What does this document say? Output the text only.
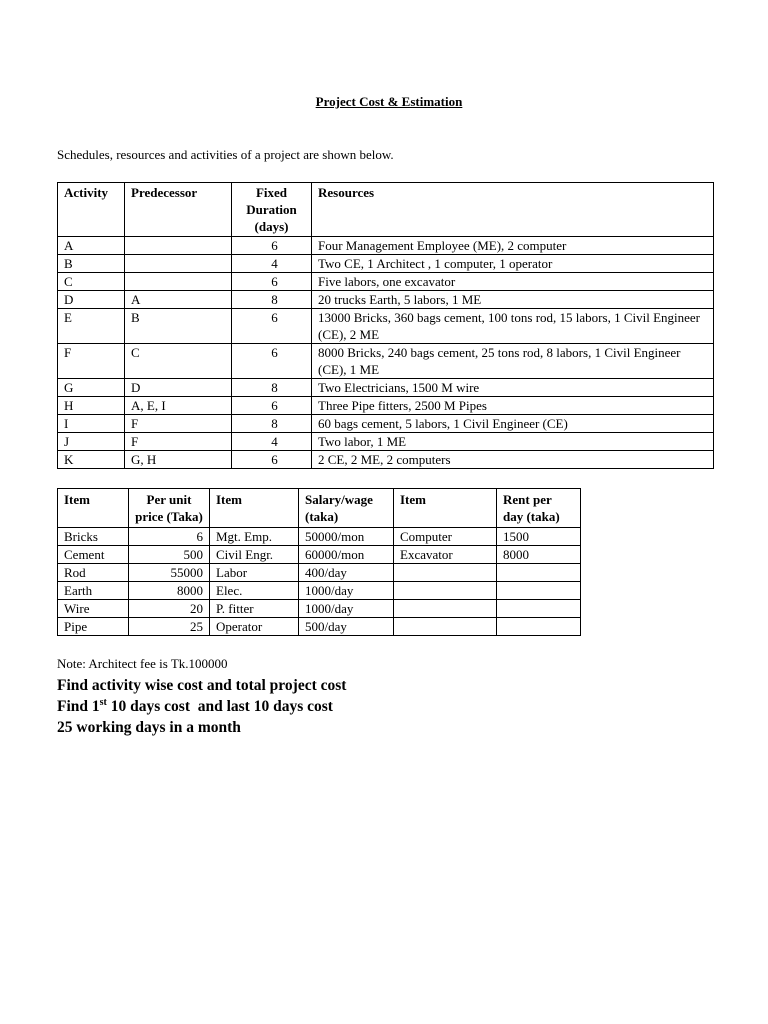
Project Cost & Estimation
Schedules, resources and activities of a project are shown below.
Activity	Predecessor	Fixed Duration (days)	Resources
A		6	Four Management Employee (ME), 2 computer
B		4	Two CE, 1 Architect , 1 computer, 1 operator
C		6	Five labors, one excavator
D	A	8	20 trucks Earth, 5 labors, 1 ME
E	B	6	13000 Bricks, 360 bags cement, 100 tons rod, 15 labors, 1 Civil Engineer (CE), 2 ME
F	C	6	8000 Bricks, 240 bags cement, 25 tons rod, 8 labors, 1 Civil Engineer (CE), 1 ME
G	D	8	Two Electricians, 1500 M wire
H	A, E, I	6	Three Pipe fitters, 2500 M Pipes
I	F	8	60 bags cement, 5 labors, 1 Civil Engineer (CE)
J	F	4	Two labor, 1 ME
K	G, H	6	2 CE, 2 ME, 2 computers
Item	Per unit price (Taka)	Item	Salary/wage (taka)	Item	Rent per day (taka)
Bricks	6	Mgt. Emp.	50000/mon	Computer	1500
Cement	500	Civil Engr.	60000/mon	Excavator	8000
Rod	55000	Labor	400/day		
Earth	8000	Elec.	1000/day		
Wire	20	P. fitter	1000/day		
Pipe	25	Operator	500/day		
Note: Architect fee is Tk.100000
Find activity wise cost and total project cost
Find 1st 10 days cost  and last 10 days cost
25 working days in a month
